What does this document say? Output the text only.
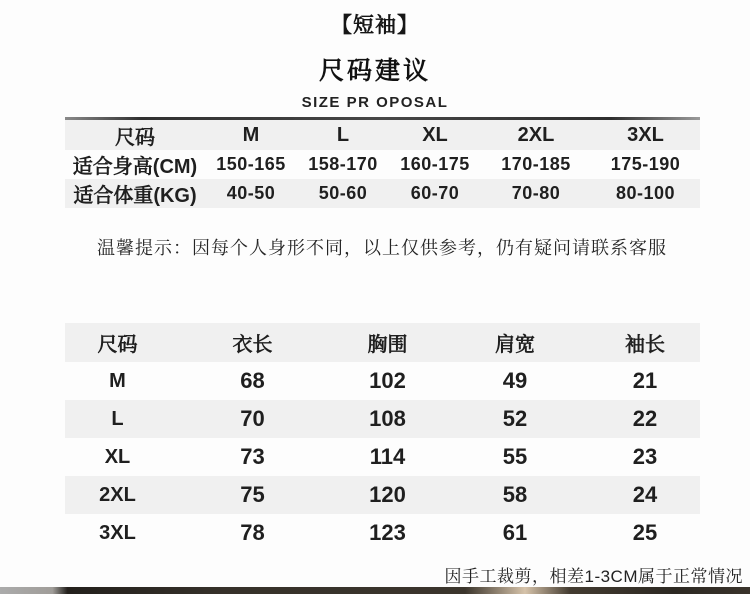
【短袖】
尺码建议
SIZE PR OPOSAL
尺码	M	L	XL	2XL	3XL
适合身高(CM)	150-165	158-170	160-175	170-185	175-190
适合体重(KG)	40-50	50-60	60-70	70-80	80-100
温馨提示：因每个人身形不同，以上仅供参考，仍有疑问请联系客服
尺码	衣长	胸围	肩宽	袖长
M	68	102	49	21
L	70	108	52	22
XL	73	114	55	23
2XL	75	120	58	24
3XL	78	123	61	25
因手工裁剪，相差1-3CM属于正常情况
